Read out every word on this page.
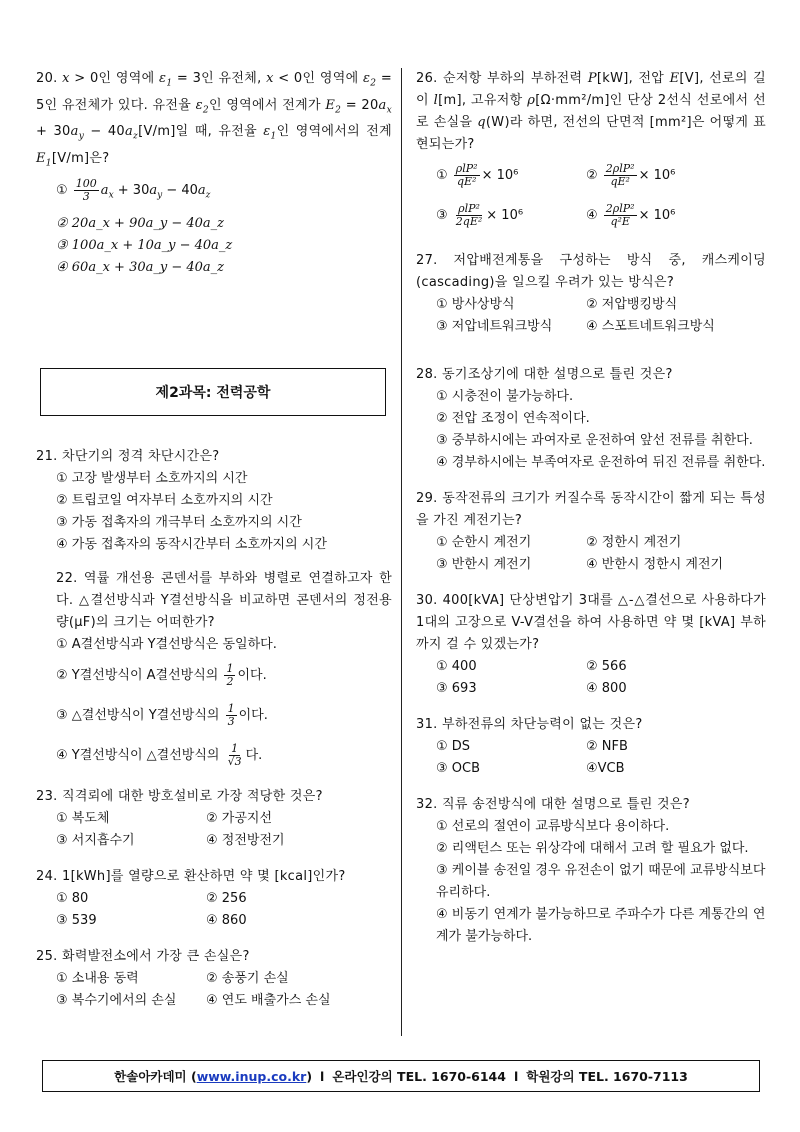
20. x > 0인 영역에 $\varepsilon_1 = 3$인 유전체, x < 0인 영역에 $\varepsilon_2 = 5$인 유전체가 있다. 유전율 $\varepsilon_2$인 영역에서 전계가 $E_2 = 20a_x + 30a_y - 40a_z[V/m]$일 때, 유전율 $\varepsilon_1$인 영역에서의 전계 $E_1[V/m]$은?
① $\frac{100}{3} a_x + 30a_y - 40a_z$
② 20a_x + 90a_y − 40a_z
③ 100a_x + 10a_y − 40a_z
④ 60a_x + 30a_y − 40a_z
21. 차단기의 정격 차단시간은?
① 고장 발생부터 소호까지의 시간
② 트립코일 여자부터 소호까지의 시간
③ 가동 접촉자의 개극부터 소호까지의 시간
④ 가동 접촉자의 동작시간부터 소호까지의 시간
22. 역률 개선용 콘덴서를 부하와 병렬로 연결하고자 한다. △결선방식과 Y결선방식을 비교하면 콘덴서의 정전용량(μF)의 크기는 어떠한가?
① A결선방식과 Y결선방식은 동일하다.
② Y결선방식이 A결선방식의 $\frac{1}{2}$ 이다.
③ △결선방식이 Y결선방식의 $\frac{1}{3}$ 이다.
④ Y결선방식이 △결선방식의 $\frac{1}{√3}$ 다.
23. 직격뢰에 대한 방호설비로 가장 적당한 것은?
① 복도체	② 가공지선
③ 서지흡수기	④ 정전방전기
24. 1[kWh]를 열량으로 환산하면 약 몇 [kcal]인가?
① 80	② 256
③ 539	④ 860
25. 화력발전소에서 가장 큰 손실은?
① 소내용 동력	② 송풍기 손실
③ 복수기에서의 손실	④ 연도 배출가스 손실
제2과목: 전력공학
26. 순저항 부하의 부하전력 P[kW], 전압 E[V], 선로의 길이 l[m], 고유저항 ρ[Ω·mm²/m]인 단상 2선식 선로에서 선로 손실을 q(W)라 하면, 전선의 단면적 [mm²]은 어떻게 표현되는가?
① $\frac{\text{ρlP²}}{\text{qE²}} \times 10^6$	② $\frac{\text{2ρlP²}}{\text{qE²}} \times 10^6$
③ $\frac{\text{ρlP²}}{\text{2qE²}} \times 10^6$	④ $\frac{\text{2ρlP²}}{\text{q²E}} \times 10^6$
27. 저압배전계통을 구성하는 방식 중, 캐스케이딩(cascading)을 일으킬 우려가 있는 방식은?
① 방사상방식	② 저압뱅킹방식
③ 저압네트워크방식	④ 스포트네트워크방식
28. 동기조상기에 대한 설명으로 틀린 것은?
① 시충전이 불가능하다.
② 전압 조정이 연속적이다.
③ 중부하시에는 과여자로 운전하여 앞선 전류를 취한다.
④ 경부하시에는 부족여자로 운전하여 뒤진 전류를 취한다.
29. 동작전류의 크기가 커질수록 동작시간이 짧게 되는 특성을 가진 계전기는?
① 순한시 계전기	② 정한시 계전기
③ 반한시 계전기	④ 반한시 정한시 계전기
30. 400[kVA] 단상변압기 3대를 △-△결선으로 사용하다가 1대의 고장으로 V-V결선을 하여 사용하면 약 몇 [kVA] 부하까지 걸 수 있겠는가?
① 400	② 566
③ 693	④ 800
31. 부하전류의 차단능력이 없는 것은?
① DS	② NFB
③ OCB	④VCB
32. 직류 송전방식에 대한 설명으로 틀린 것은?
① 선로의 절연이 교류방식보다 용이하다.
② 리액턴스 또는 위상각에 대해서 고려 할 필요가 없다.
③ 케이블 송전일 경우 유전손이 없기 때문에 교류방식보다 유리하다.
④ 비동기 연계가 불가능하므로 주파수가 다른 계통간의 연계가 불가능하다.
한솔아카데미 ( www.inup.co.kr ) l 온라인강의 TEL. 1670-6144 l 학원강의 TEL. 1670-7113
